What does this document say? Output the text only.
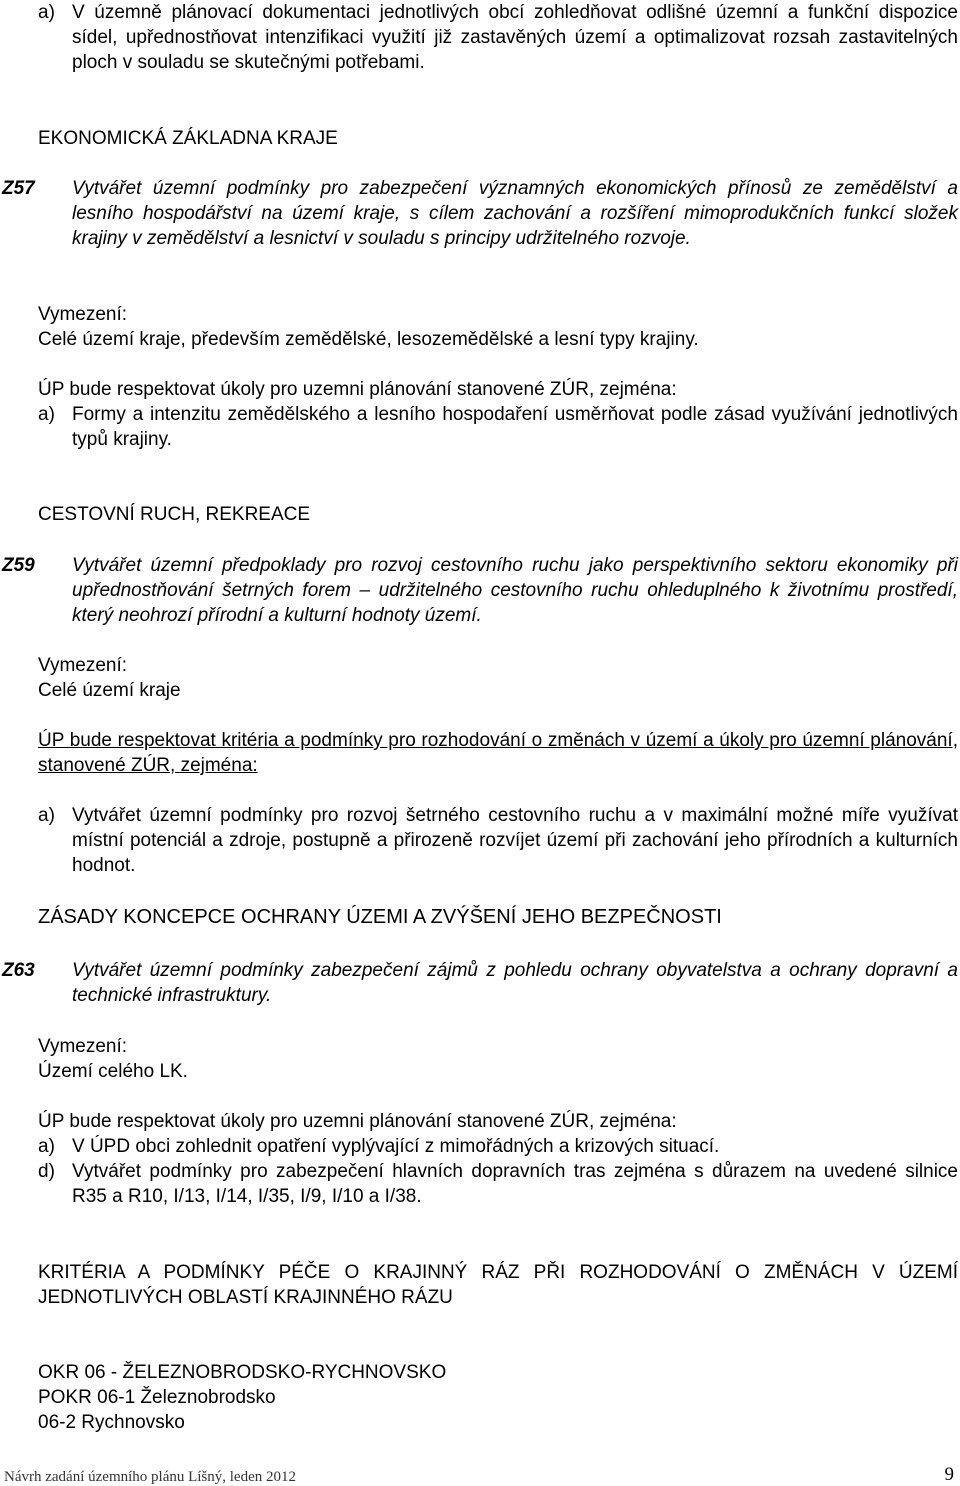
a) V územně plánovací dokumentaci jednotlivých obcí zohledňovat odlišné územní a funkční dispozice sídel, upřednostňovat intenzifikaci využití již zastavěných území a optimalizovat rozsah zastavitelných ploch v souladu se skutečnými potřebami.
EKONOMICKÁ ZÁKLADNA KRAJE
Z57 Vytvářet územní podmínky pro zabezpečení významných ekonomických přínosů ze zemědělství a lesního hospodářství na území kraje, s cílem zachování a rozšíření mimoprodukčních funkcí složek krajiny v zemědělství a lesnictví v souladu s principy udržitelného rozvoje.
Vymezení:
Celé území kraje, především zemědělské, lesozemědělské a lesní typy krajiny.
ÚP bude respektovat úkoly pro uzemni plánování stanovené ZÚR, zejména:
a) Formy a intenzitu zemědělského a lesního hospodaření usměrňovat podle zásad využívání jednotlivých typů krajiny.
CESTOVNÍ RUCH, REKREACE
Z59 Vytvářet územní předpoklady pro rozvoj cestovního ruchu jako perspektivního sektoru ekonomiky při upřednostňování šetrných forem – udržitelného cestovního ruchu ohleduplného k životnímu prostředí, který neohrozí přírodní a kulturní hodnoty území.
Vymezení:
Celé území kraje
ÚP bude respektovat kritéria a podmínky pro rozhodování o změnách v území a úkoly pro územní plánování, stanovené ZÚR, zejména:
a) Vytvářet územní podmínky pro rozvoj šetrného cestovního ruchu a v maximální možné míře využívat místní potenciál a zdroje, postupně a přirozeně rozvíjet území při zachování jeho přírodních a kulturních hodnot.
ZÁSADY KONCEPCE OCHRANY ÚZEMI A ZVÝŠENÍ JEHO BEZPEČNOSTI
Z63 Vytvářet územní podmínky zabezpečení zájmů z pohledu ochrany obyvatelstva a ochrany dopravní a technické infrastruktury.
Vymezení:
Území celého LK.
ÚP bude respektovat úkoly pro uzemni plánování stanovené ZÚR, zejména:
a) V ÚPD obci zohlednit opatření vyplývající z mimořádných a krizových situací.
d) Vytvářet podmínky pro zabezpečení hlavních dopravních tras zejména s důrazem na uvedené silnice R35 a R10, I/13, I/14, I/35, I/9, I/10 a I/38.
KRITÉRIA A PODMÍNKY PÉČE O KRAJINNÝ RÁZ PŘI ROZHODOVÁNÍ O ZMĚNÁCH V ÚZEMÍ JEDNOTLIVÝCH OBLASTÍ KRAJINNÉHO RÁZU
OKR 06 - ŽELEZNOBRODSKO-RYCHNOVSKO
POKR 06-1 Železnobrodsko
06-2 Rychnovsko
Návrh zadání územního plánu Líšný, leden 2012	9
